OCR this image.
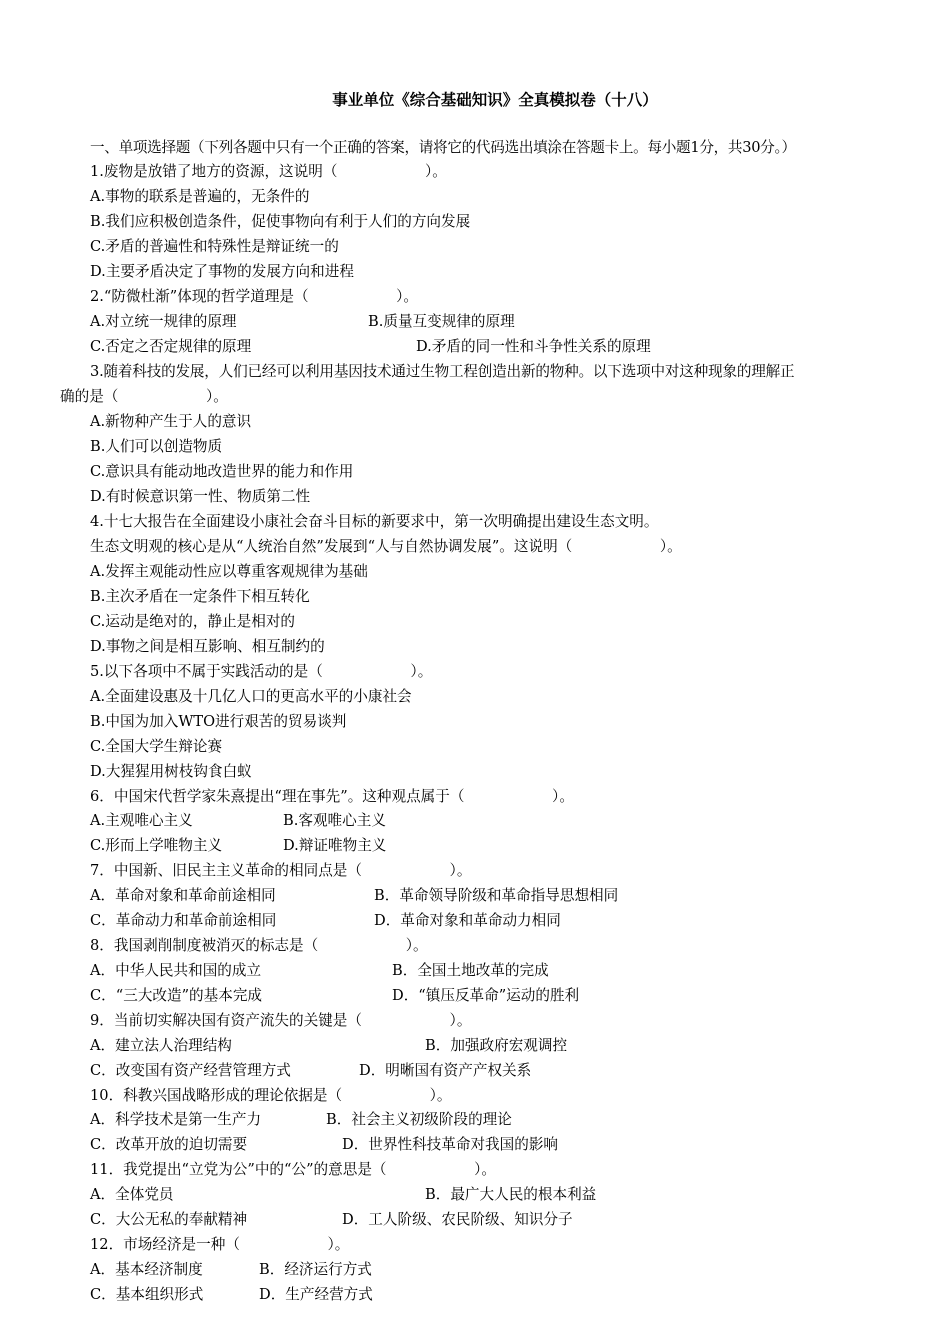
事业单位《综合基础知识》全真模拟卷（十八）
一、单项选择题（下列各题中只有一个正确的答案，请将它的代码选出填涂在答题卡上。每小题1分，共30分。）
1.废物是放错了地方的资源，这说明（　　　　　　）。
A.事物的联系是普遍的，无条件的
B.我们应积极创造条件，促使事物向有利于人们的方向发展
C.矛盾的普遍性和特殊性是辩证统一的
D.主要矛盾决定了事物的发展方向和进程
2.“防微杜渐”体现的哲学道理是（　　　　　　）。
A.对立统一规律的原理	B.质量互变规律的原理
C.否定之否定规律的原理	D.矛盾的同一性和斗争性关系的原理
3.随着科技的发展，人们已经可以利用基因技术通过生物工程创造出新的物种。以下选项中对这种现象的理解正
确的是（　　　　　　）。
A.新物种产生于人的意识
B.人们可以创造物质
C.意识具有能动地改造世界的能力和作用
D.有时候意识第一性、物质第二性
4.十七大报告在全面建设小康社会奋斗目标的新要求中，第一次明确提出建设生态文明。
生态文明观的核心是从“人统治自然”发展到“人与自然协调发展”。这说明（　　　　　　）。
A.发挥主观能动性应以尊重客观规律为基础
B.主次矛盾在一定条件下相互转化
C.运动是绝对的，静止是相对的
D.事物之间是相互影响、相互制约的
5.以下各项中不属于实践活动的是（　　　　　　）。
A.全面建设惠及十几亿人口的更高水平的小康社会
B.中国为加入WTO进行艰苦的贸易谈判
C.全国大学生辩论赛
D.大猩猩用树枝钩食白蚁
6．中国宋代哲学家朱熹提出“理在事先”。这种观点属于（　　　　　　）。
A.主观唯心主义	B.客观唯心主义
C.形而上学唯物主义	D.辩证唯物主义
7．中国新、旧民主主义革命的相同点是（　　　　　　）。
A．革命对象和革命前途相同	B．革命领导阶级和革命指导思想相同
C．革命动力和革命前途相同	D．革命对象和革命动力相同
8．我国剥削制度被消灭的标志是（　　　　　　）。
A．中华人民共和国的成立	B．全国土地改革的完成
C．“三大改造”的基本完成	D．“镇压反革命”运动的胜利
9．当前切实解决国有资产流失的关键是（　　　　　　）。
A．建立法人治理结构	B．加强政府宏观调控
C．改变国有资产经营管理方式	D．明晰国有资产产权关系
10．科教兴国战略形成的理论依据是（　　　　　　）。
A．科学技术是第一生产力	B．社会主义初级阶段的理论
C．改革开放的迫切需要	D．世界性科技革命对我国的影响
11．我党提出“立党为公”中的“公”的意思是（　　　　　　）。
A．全体党员	B．最广大人民的根本利益
C．大公无私的奉献精神	D．工人阶级、农民阶级、知识分子
12．市场经济是一种（　　　　　　）。
A．基本经济制度	B．经济运行方式
C．基本组织形式	D．生产经营方式
